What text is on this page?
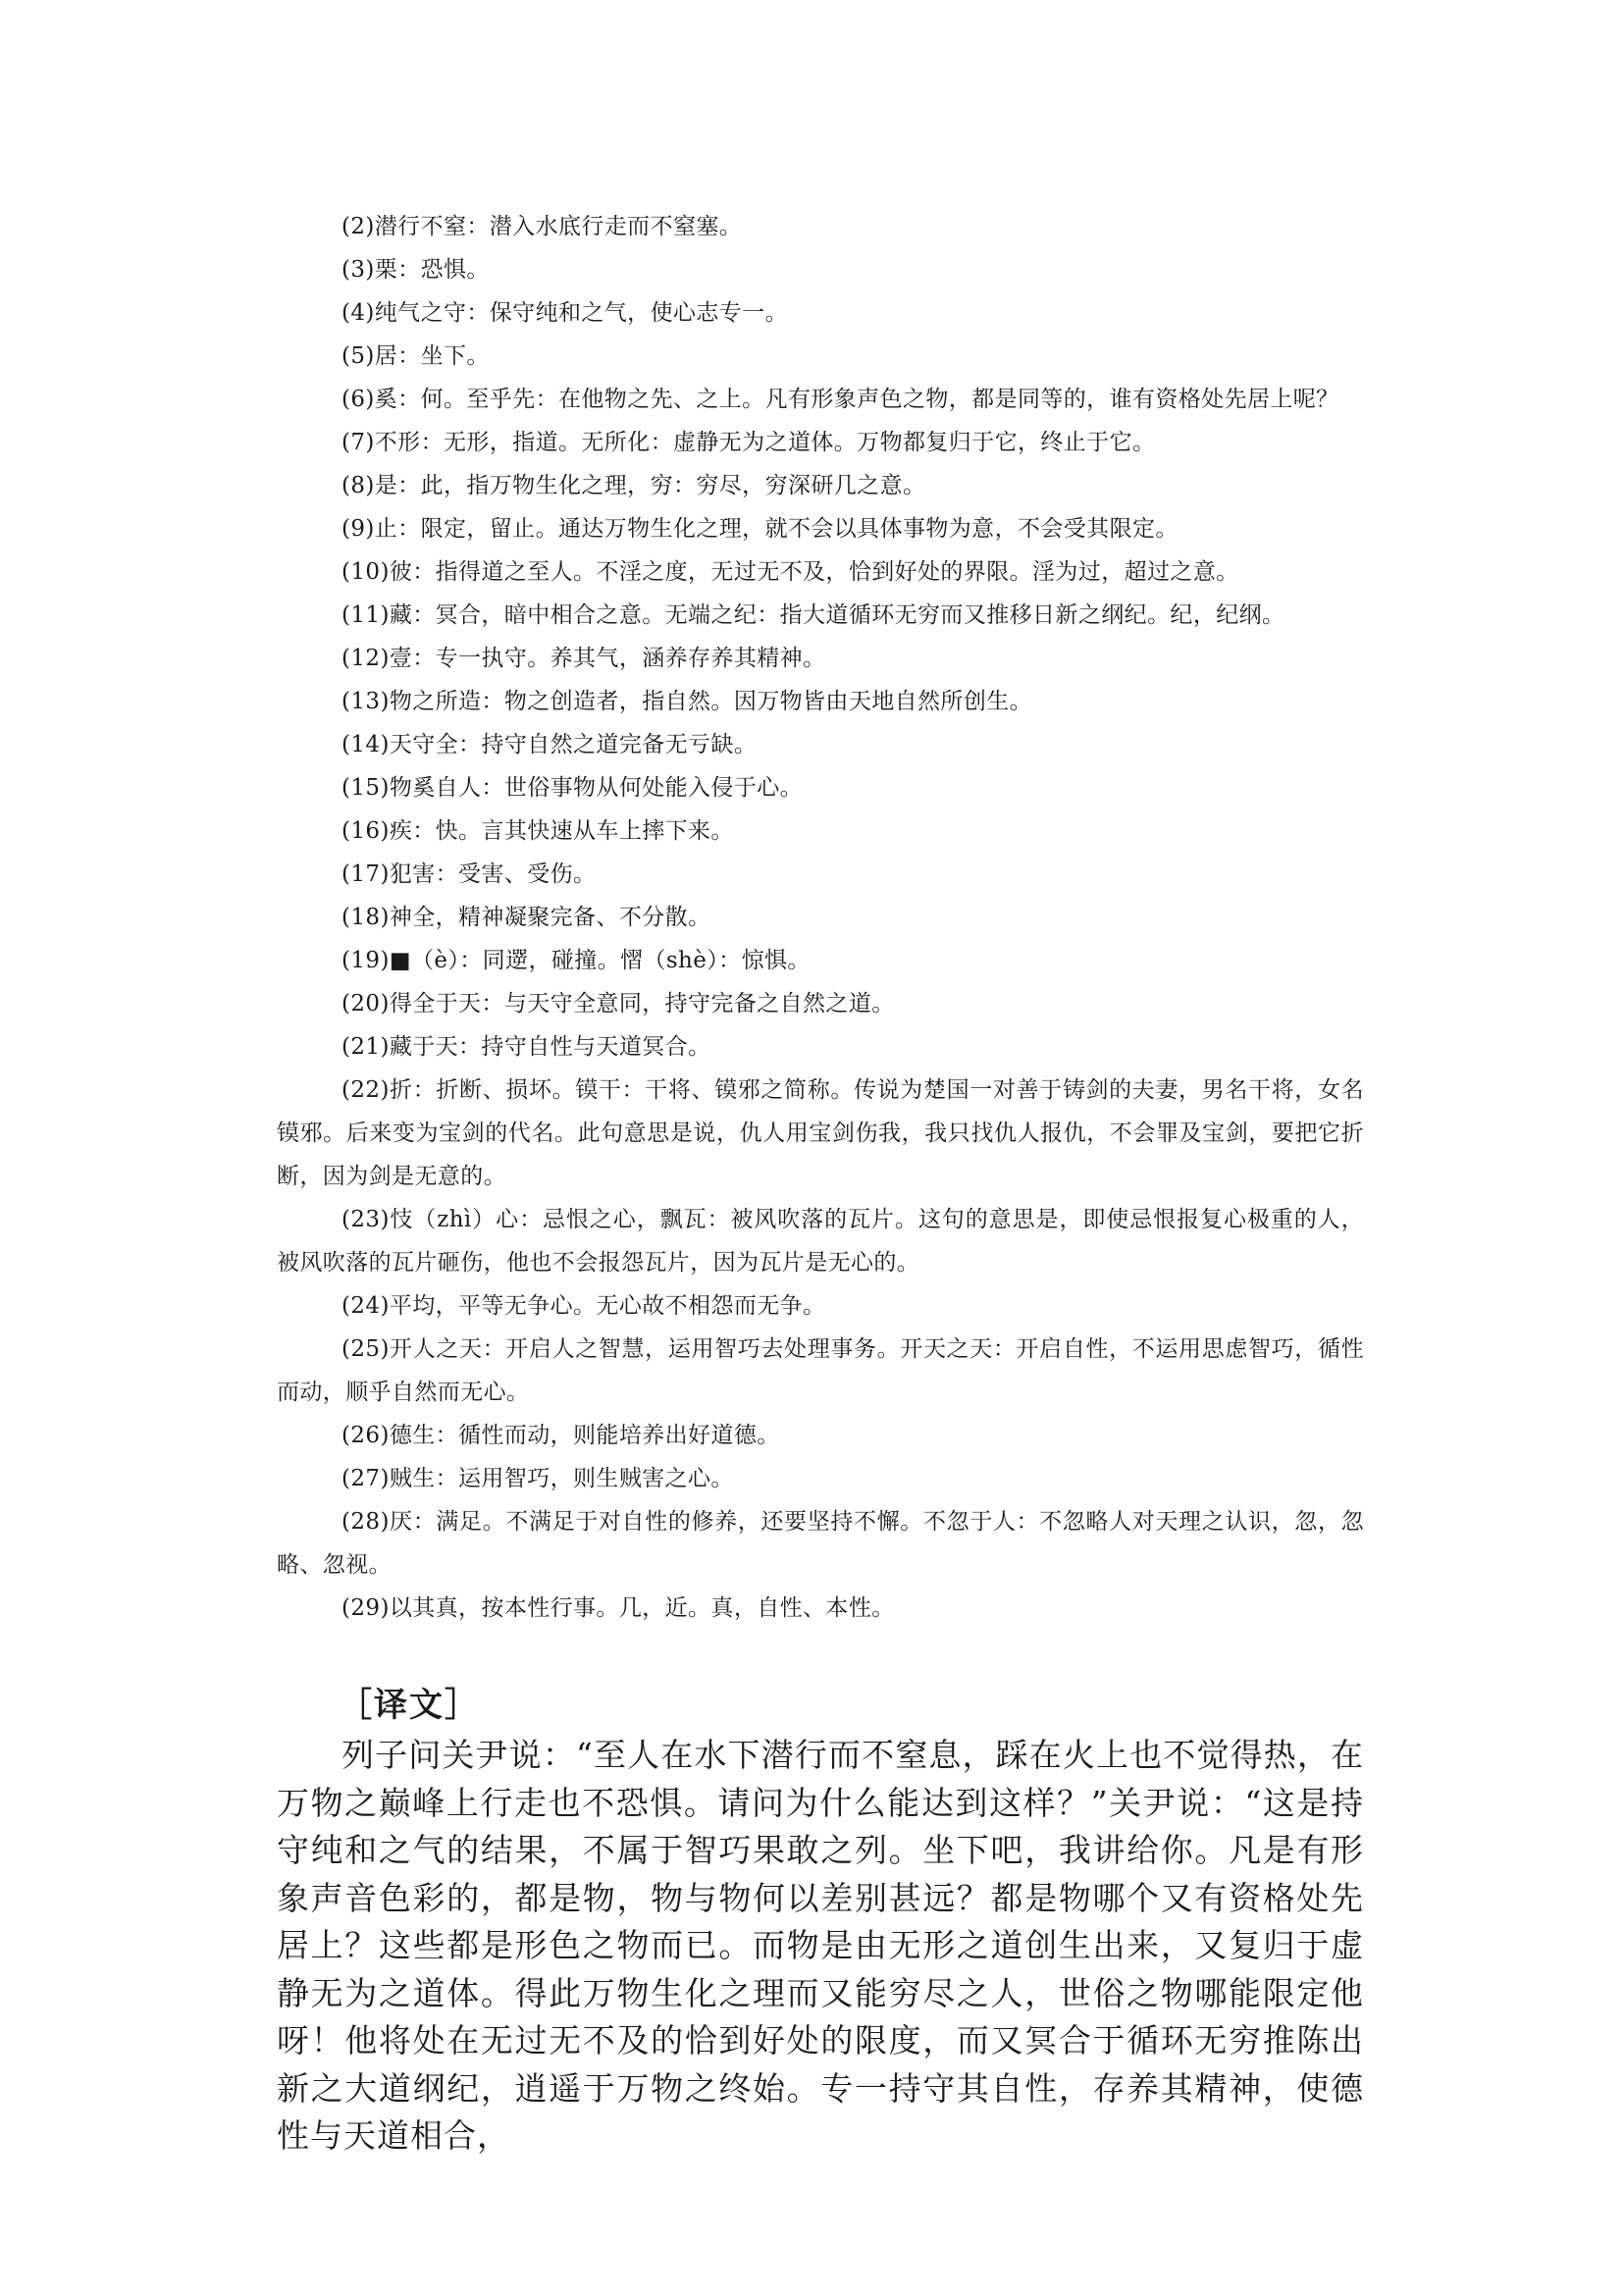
(2)潜行不窒：潜入水底行走而不窒塞。

(3)栗：恐惧。

(4)纯气之守：保守纯和之气，使心志专一。

(5)居：坐下。

(6)奚：何。至乎先：在他物之先、之上。凡有形象声色之物，都是同等的，谁有资格处先居上呢？

(7)不形：无形，指道。无所化：虚静无为之道体。万物都复归于它，终止于它。

(8)是：此，指万物生化之理，穷：穷尽，穷深研几之意。

(9)止：限定，留止。通达万物生化之理，就不会以具体事物为意，不会受其限定。

(10)彼：指得道之至人。不淫之度，无过无不及，恰到好处的界限。淫为过，超过之意。

(11)藏：冥合，暗中相合之意。无端之纪：指大道循环无穷而又推移日新之纲纪。纪，纪纲。

(12)壹：专一执守。养其气，涵养存养其精神。

(13)物之所造：物之创造者，指自然。因万物皆由天地自然所创生。

(14)天守全：持守自然之道完备无亏缺。

(15)物奚自人：世俗事物从何处能入侵于心。

(16)疾：快。言其快速从车上摔下来。

(17)犯害：受害、受伤。

(18)神全，精神凝聚完备、不分散。

(19)■（è）：同遻，碰撞。慴（shè）：惊惧。

(20)得全于天：与天守全意同，持守完备之自然之道。

(21)藏于天：持守自性与天道冥合。

(22)折：折断、损坏。镆干：干将、镆邪之简称。传说为楚国一对善于铸剑的夫妻，男名干将，女名镆邪。后来变为宝剑的代名。此句意思是说，仇人用宝剑伤我，我只找仇人报仇，不会罪及宝剑，要把它折断，因为剑是无意的。

(23)忮（zhì）心：忌恨之心，飘瓦：被风吹落的瓦片。这句的意思是，即使忌恨报复心极重的人，被风吹落的瓦片砸伤，他也不会报怨瓦片，因为瓦片是无心的。

(24)平均，平等无争心。无心故不相怨而无争。

(25)开人之天：开启人之智慧，运用智巧去处理事务。开天之天：开启自性，不运用思虑智巧，循性而动，顺乎自然而无心。

(26)德生：循性而动，则能培养出好道德。

(27)贼生：运用智巧，则生贼害之心。

(28)厌：满足。不满足于对自性的修养，还要坚持不懈。不忽于人：不忽略人对天理之认识，忽，忽略、忽视。

(29)以其真，按本性行事。几，近。真，自性、本性。

［译文］

列子问关尹说：“至人在水下潜行而不窒息，踩在火上也不觉得热，在万物之巅峰上行走也不恐惧。请问为什么能达到这样？”关尹说：“这是持守纯和之气的结果，不属于智巧果敢之列。坐下吧，我讲给你。凡是有形象声音色彩的，都是物，物与物何以差别甚远？都是物哪个又有资格处先居上？这些都是形色之物而已。而物是由无形之道创生出来，又复归于虚静无为之道体。得此万物生化之理而又能穷尽之人，世俗之物哪能限定他呀！他将处在无过无不及的恰到好处的限度，而又冥合于循环无穷推陈出新之大道纲纪，逍遥于万物之终始。专一持守其自性，存养其精神，使德性与天道相合，
